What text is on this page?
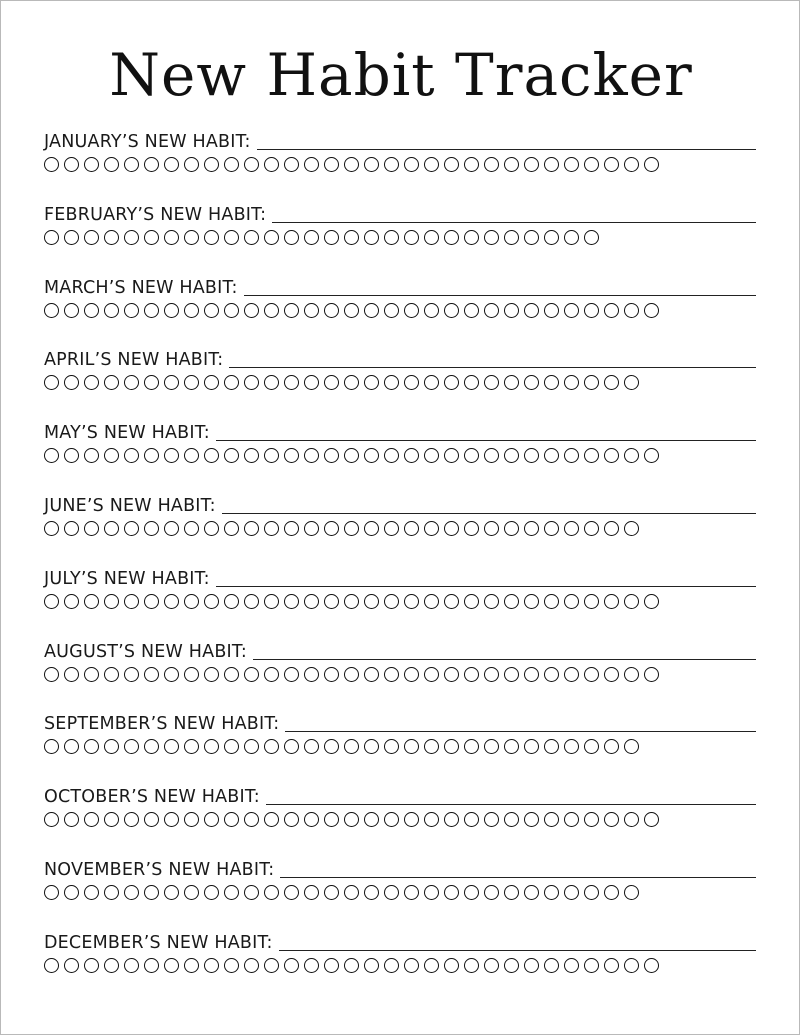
New Habit Tracker
JANUARY’S NEW HABIT:
FEBRUARY’S NEW HABIT:
MARCH’S NEW HABIT:
APRIL’S NEW HABIT:
MAY’S NEW HABIT:
JUNE’S NEW HABIT:
JULY’S NEW HABIT:
AUGUST’S NEW HABIT:
SEPTEMBER’S NEW HABIT:
OCTOBER’S NEW HABIT:
NOVEMBER’S NEW HABIT:
DECEMBER’S NEW HABIT:
